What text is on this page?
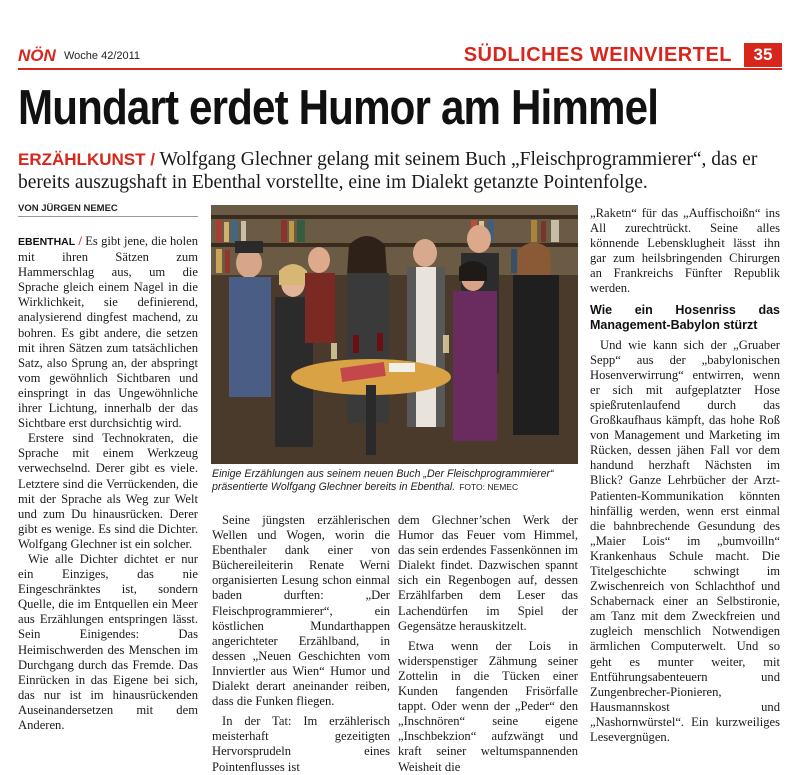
NÖN Woche 42/2011	SÜDLICHES WEINVIERTEL	35
Mundart erdet Humor am Himmel
ERZÄHLKUNST / Wolfgang Glechner gelang mit seinem Buch „Fleischprogrammierer“, das er bereits auszugshaft in Ebenthal vorstellte, eine im Dialekt getanzte Pointenfolge.
VON JÜRGEN NEMEC

EBENTHAL / Es gibt jene, die holen mit ihren Sätzen zum Hammerschlag aus, um die Sprache gleich einem Nagel in die Wirklichkeit, sie definierend, analysierend dingfest machend, zu bohren. Es gibt andere, die setzen mit ihren Sätzen zum tatsächlichen Satz, also Sprung an, der abspringt vom gewöhnlich Sichtbaren und einspringt in das Ungewöhnliche ihrer Lichtung, innerhalb der das Sichtbare erst durchsichtig wird.

Erstere sind Technokraten, die Sprache mit einem Werkzeug verwechselnd. Derer gibt es viele. Letztere sind die Verrückenden, die mit der Sprache als Weg zur Welt und zum Du hinausrücken. Derer gibt es wenige. Es sind die Dichter. Wolfgang Glechner ist ein solcher.

Wie alle Dichter dichtet er nur ein Einziges, das nie Eingeschränktes ist, sondern Quelle, die im Entquellen ein Meer aus Erzählungen entspringen lässt. Sein Einigendes: Das Heimischwerden des Menschen im Durchgang durch das Fremde. Das Einrücken in das Eigene bei sich, das nur ist im hinausrückenden Auseinandersetzen mit dem Anderen.

Einige Erzählungen aus seinem neuen Buch „Der Fleischprogrammierer“ präsentierte Wolfgang Glechner bereits in Ebenthal. FOTO: NEMEC

Seine jüngsten erzählerischen Wellen und Wogen, worin die Ebenthaler dank einer von Büchereileiterin Renate Werni organisierten Lesung schon einmal baden durften: „Der Fleischprogrammierer“, ein köstlichen Mundarthappen angerichteter Erzählband, in dessen „Neuen Geschichten vom Innviertler aus Wien“ Humor und Dialekt derart aneinander reiben, dass die Funken fliegen.

In der Tat: Im erzählerisch meisterhaft gezeitigten Hervorsprudeln eines Pointenflusses ist

dem Glechner’schen Werk der Humor das Feuer vom Himmel, das sein erdendes Fassenkönnen im Dialekt findet. Dazwischen spannt sich ein Regenbogen auf, dessen Erzählfarben dem Leser das Lachendürfen im Spiel der Gegensätze herauskitzelt.

Etwa wenn der Lois in widerspenstiger Zähmung seiner Zottelin in die Tücken einer Kunden fangenden Frisörfalle tappt. Oder wenn der „Peder“ den „Inschnören“ seine eigene „Inschbekzion“ aufzwängt und kraft seiner weltumspannenden Weisheit die

„Raketn“ für das „Auffischoißn“ ins All zurechtrückt. Seine alles könnende Lebensklugheit lässt ihn gar zum heilsbringenden Chirurgen an Frankreichs Fünfter Republik werden.

Wie ein Hosenriss das Management-Babylon stürzt

Und wie kann sich der „Gruaber Sepp“ aus der „babylonischen Hosenverwirrung“ entwirren, wenn er sich mit aufgeplatzter Hose spießrutenlaufend durch das Großkaufhaus kämpft, das hohe Roß von Management und Marketing im Rücken, dessen jähen Fall vor dem handund herzhaft Nächsten im Blick? Ganze Lehrbücher der Arzt-Patienten-Kommunikation könnten hinfällig werden, wenn erst einmal die bahnbrechende Gesundung des „Maier Lois“ im „bumvoilln“ Krankenhaus Schule macht. Die Titelgeschichte schwingt im Zwischenreich von Schlachthof und Schabernack einer an Selbstironie, am Tanz mit dem Zweckfreien und zugleich menschlich Notwendigen ärmlichen Computerwelt. Und so geht es munter weiter, mit Entführungsabenteuern und Zungenbrecher-Pionieren, Hausmannskost und „Nashornwürstel“. Ein kurzweiliges Lesevergnügen.
